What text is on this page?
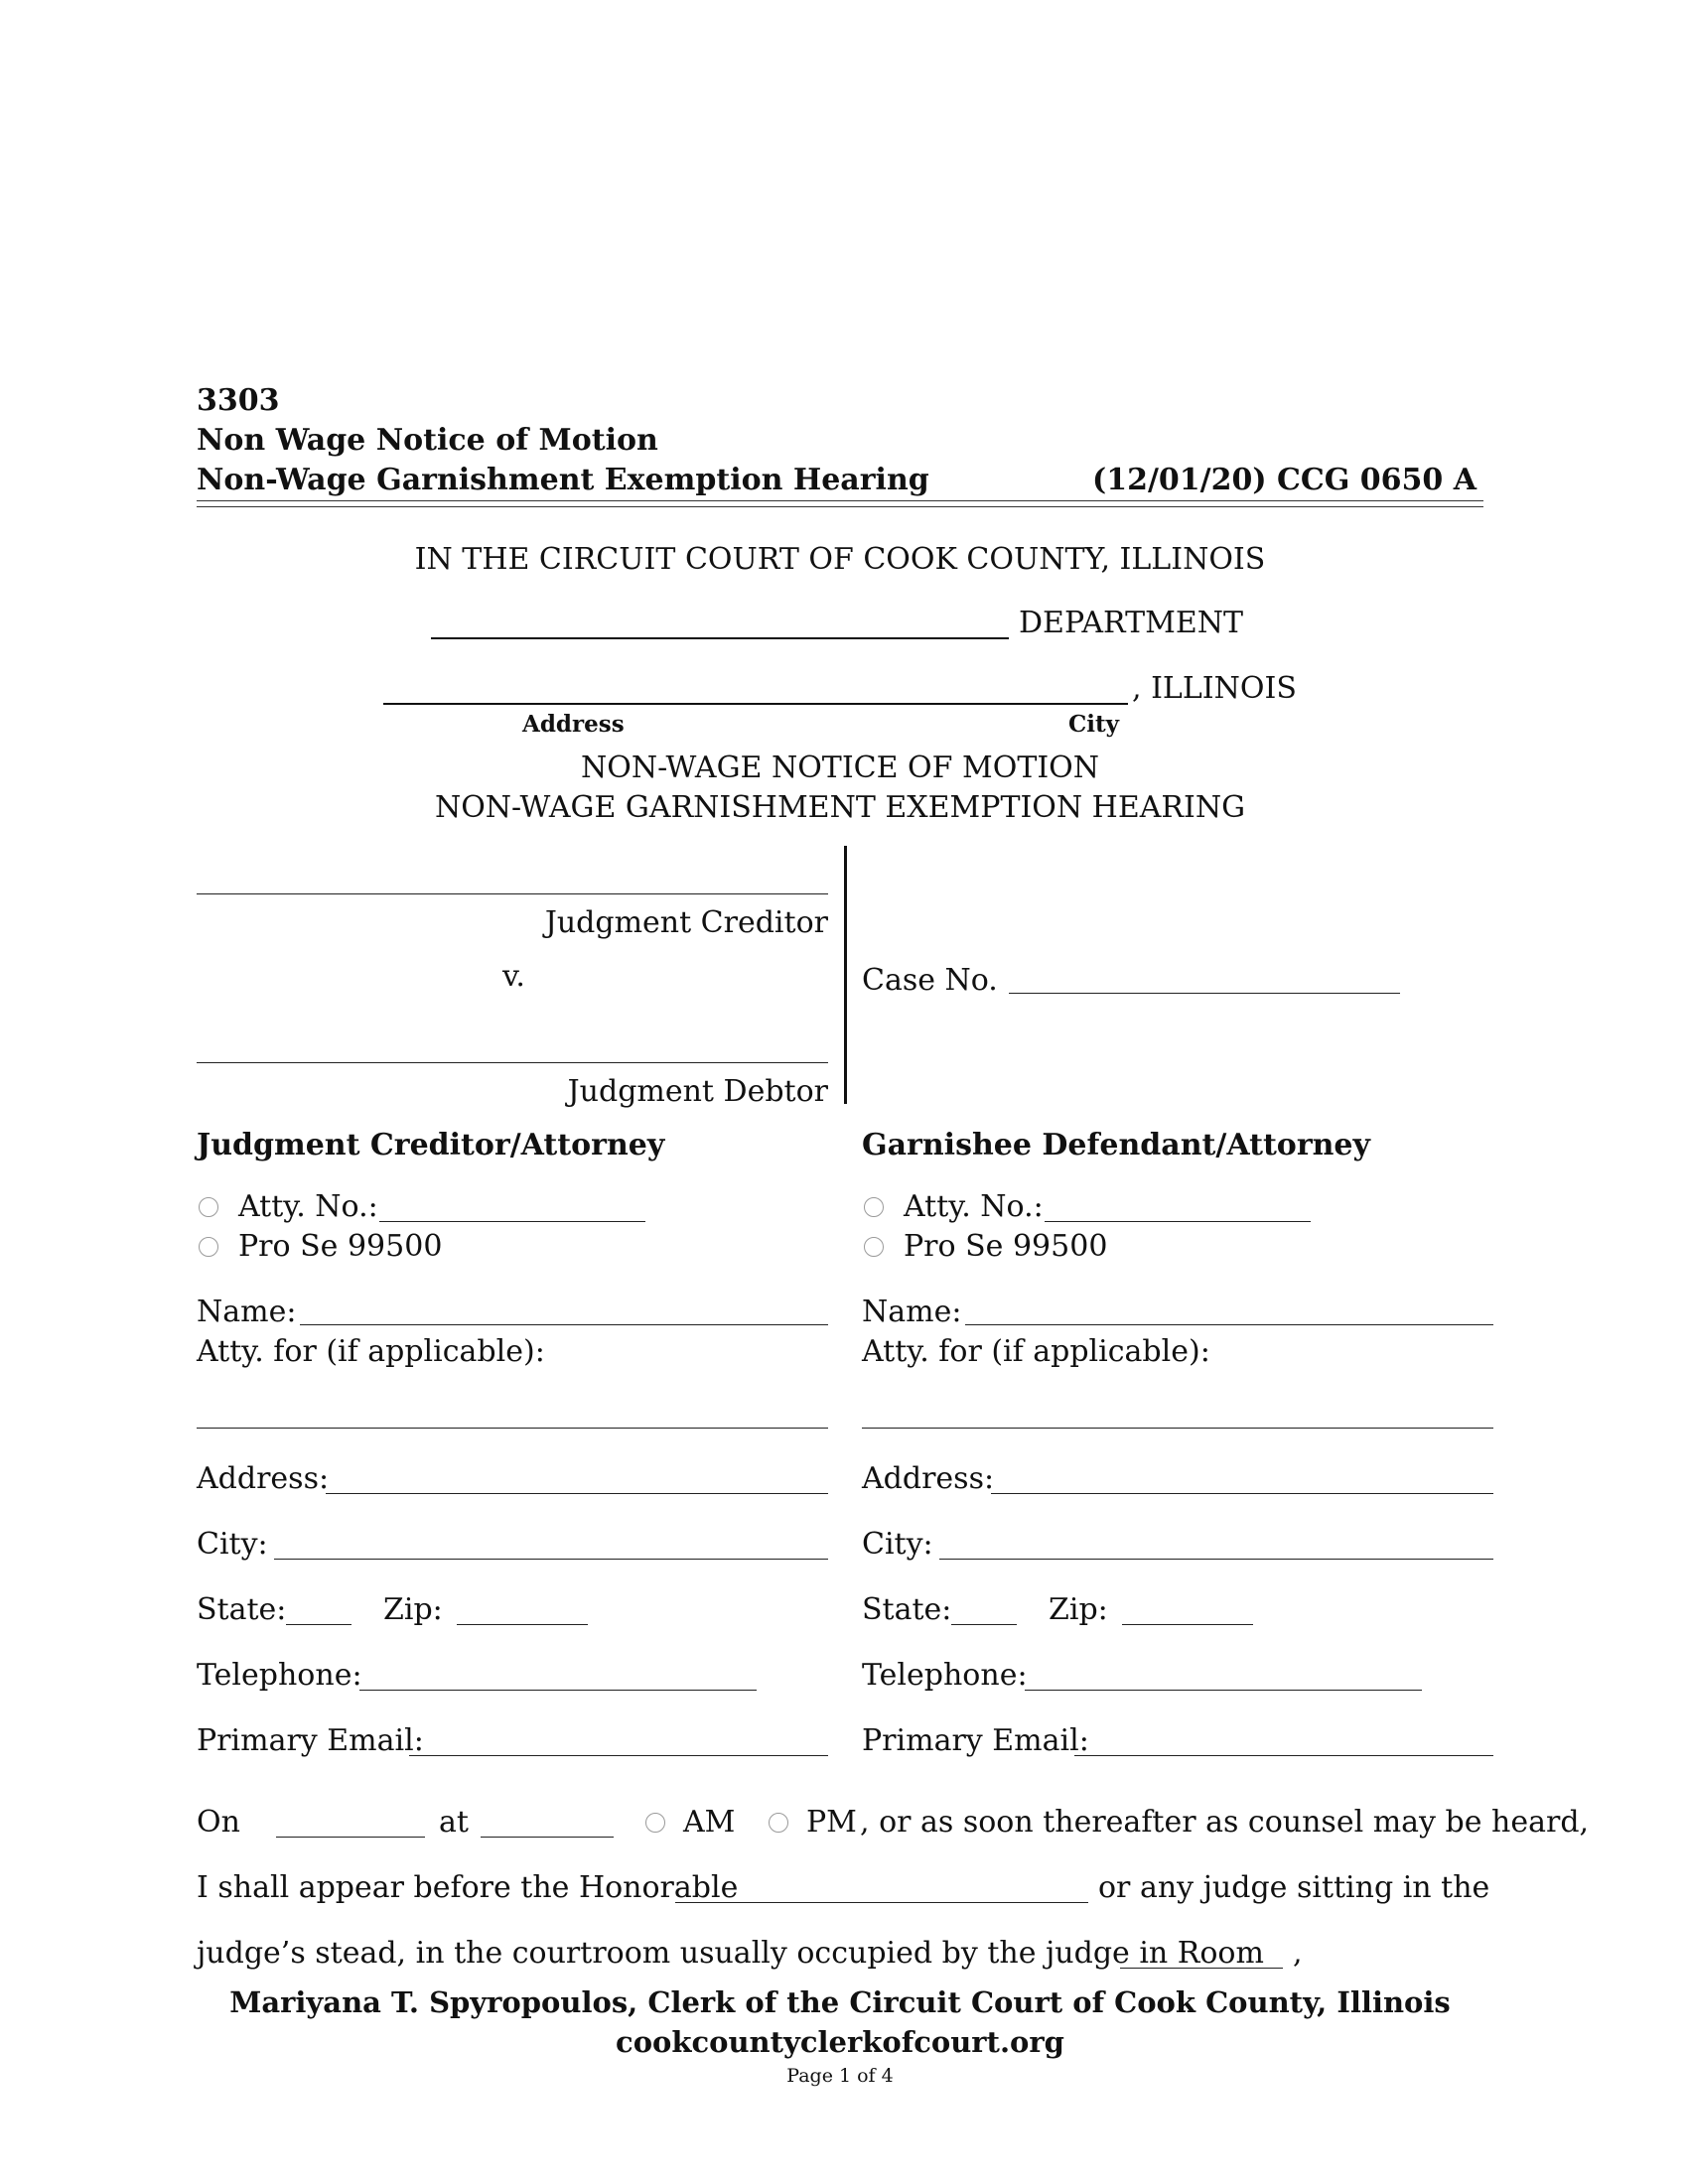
3303
Non Wage Notice of Motion
Non-Wage Garnishment Exemption Hearing	(12/01/20) CCG 0650 A
IN THE CIRCUIT COURT OF COOK COUNTY, ILLINOIS
DEPARTMENT
, ILLINOIS
Address	City
NON-WAGE NOTICE OF MOTION
NON-WAGE GARNISHMENT EXEMPTION HEARING
Judgment Creditor
v.
Judgment Debtor
Case No.
Judgment Creditor/Attorney
Atty. No.:
Pro Se 99500
Name:
Atty. for (if applicable):
Address:
City:
State:	Zip:
Telephone:
Primary Email:
Garnishee Defendant/Attorney
Atty. No.:
Pro Se 99500
Name:
Atty. for (if applicable):
Address:
City:
State:	Zip:
Telephone:
Primary Email:
On	at	AM PM , or as soon thereafter as counsel may be heard,
I shall appear before the Honorable	or any judge sitting in the
judge’s stead, in the courtroom usually occupied by the judge in Room ,
Mariyana T. Spyropoulos, Clerk of the Circuit Court of Cook County, Illinois
cookcountyclerkofcourt.org
Page 1 of 4
